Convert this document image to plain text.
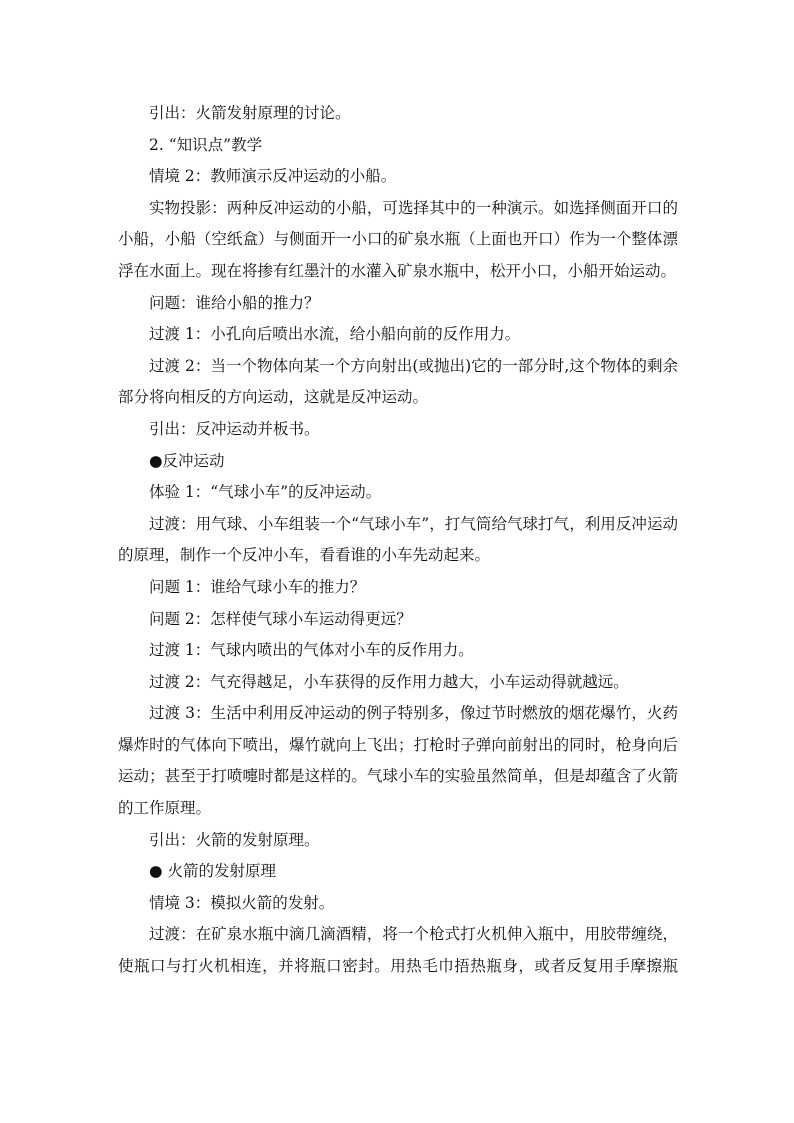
引出：火箭发射原理的讨论。

2. “知识点”教学

情境 2：教师演示反冲运动的小船。

实物投影：两种反冲运动的小船，可选择其中的一种演示。如选择侧面开口的小船，小船（空纸盒）与侧面开一小口的矿泉水瓶（上面也开口）作为一个整体漂浮在水面上。现在将掺有红墨汁的水灌入矿泉水瓶中，松开小口，小船开始运动。

问题：谁给小船的推力？

过渡 1：小孔向后喷出水流，给小船向前的反作用力。

过渡 2：当一个物体向某一个方向射出(或抛出)它的一部分时,这个物体的剩余部分将向相反的方向运动，这就是反冲运动。

引出：反冲运动并板书。

●反冲运动

体验 1：“气球小车”的反冲运动。

过渡：用气球、小车组装一个“气球小车”，打气筒给气球打气，利用反冲运动的原理，制作一个反冲小车，看看谁的小车先动起来。

问题 1：谁给气球小车的推力？

问题 2：怎样使气球小车运动得更远？

过渡 1：气球内喷出的气体对小车的反作用力。

过渡 2：气充得越足，小车获得的反作用力越大，小车运动得就越远。

过渡 3：生活中利用反冲运动的例子特别多，像过节时燃放的烟花爆竹，火药爆炸时的气体向下喷出，爆竹就向上飞出；打枪时子弹向前射出的同时，枪身向后运动；甚至于打喷嚏时都是这样的。气球小车的实验虽然简单，但是却蕴含了火箭的工作原理。

引出：火箭的发射原理。

● 火箭的发射原理

情境 3：模拟火箭的发射。

过渡：在矿泉水瓶中滴几滴酒精，将一个枪式打火机伸入瓶中，用胶带缠绕，使瓶口与打火机相连，并将瓶口密封。用热毛巾捂热瓶身，或者反复用手摩擦瓶
